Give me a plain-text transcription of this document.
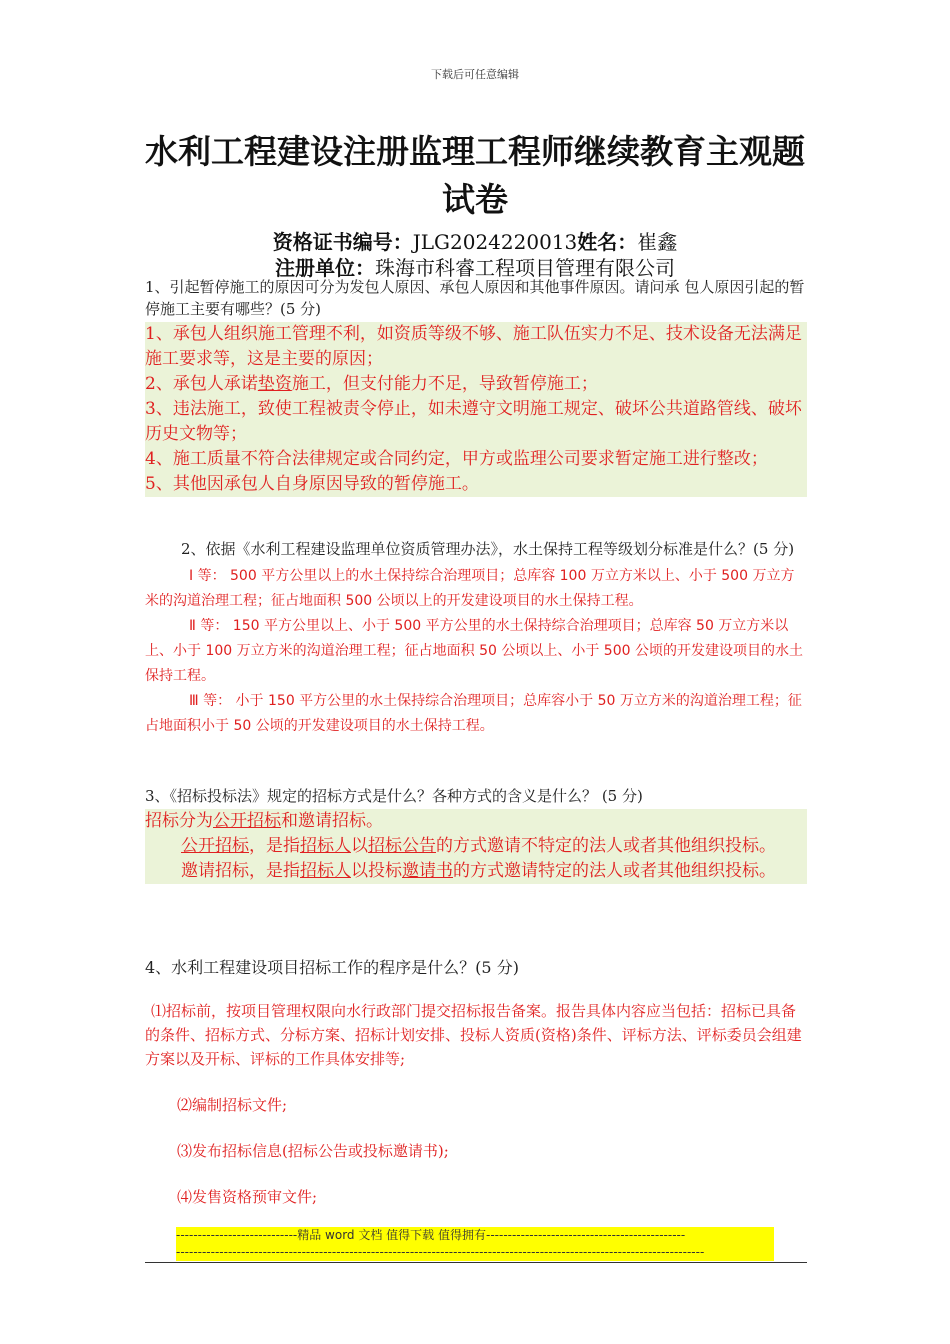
下载后可任意编辑
水利工程建设注册监理工程师继续教育主观题试卷
资格证书编号：JLG2024220013姓名：崔鑫
注册单位：珠海市科睿工程项目管理有限公司

1、引起暂停施工的原因可分为发包人原因、承包人原因和其他事件原因。请问承 包人原因引起的暂停施工主要有哪些？(5 分)

1、承包人组织施工管理不利，如资质等级不够、施工队伍实力不足、技术设备无法满足施工要求等，这是主要的原因；

2、承包人承诺垫资施工，但支付能力不足，导致暂停施工；

3、违法施工，致使工程被责令停止，如未遵守文明施工规定、破坏公共道路管线、破坏历史文物等；

4、施工质量不符合法律规定或合同约定，甲方或监理公司要求暂定施工进行整改；

5、其他因承包人自身原因导致的暂停施工。

2、依据《水利工程建设监理单位资质管理办法》，水土保持工程等级划分标准是什么？(5 分)

Ⅰ 等： 500 平方公里以上的水土保持综合治理项目；总库容 100 万立方米以上、小于 500 万立方米的沟道治理工程；征占地面积 500 公顷以上的开发建设项目的水土保持工程。

Ⅱ 等： 150 平方公里以上、小于 500 平方公里的水土保持综合治理项目；总库容 50 万立方米以上、小于 100 万立方米的沟道治理工程；征占地面积 50 公顷以上、小于 500 公顷的开发建设项目的水土保持工程。

Ⅲ 等： 小于 150 平方公里的水土保持综合治理项目；总库容小于 50 万立方米的沟道治理工程；征占地面积小于 50 公顷的开发建设项目的水土保持工程。

3、《招标投标法》规定的招标方式是什么？各种方式的含义是什么？ (5 分)

招标分为公开招标和邀请招标。

公开招标，是指招标人以招标公告的方式邀请不特定的法人或者其他组织投标。

邀请招标，是指招标人以投标邀请书的方式邀请特定的法人或者其他组织投标。

4、水利工程建设项目招标工作的程序是什么？(5 分)

⑴招标前，按项目管理权限向水行政部门提交招标报告备案。报告具体内容应当包括：招标已具备的条件、招标方式、分标方案、招标计划安排、投标人资质(资格)条件、评标方法、评标委员会组建方案以及开标、评标的工作具体安排等;

⑵编制招标文件;

⑶发布招标信息(招标公告或投标邀请书);

⑷发售资格预审文件;

----------------------------精品 word 文档 值得下载 值得拥有----------------------------------------------
--------------------------------------------------------------------------------------------------------------------------
